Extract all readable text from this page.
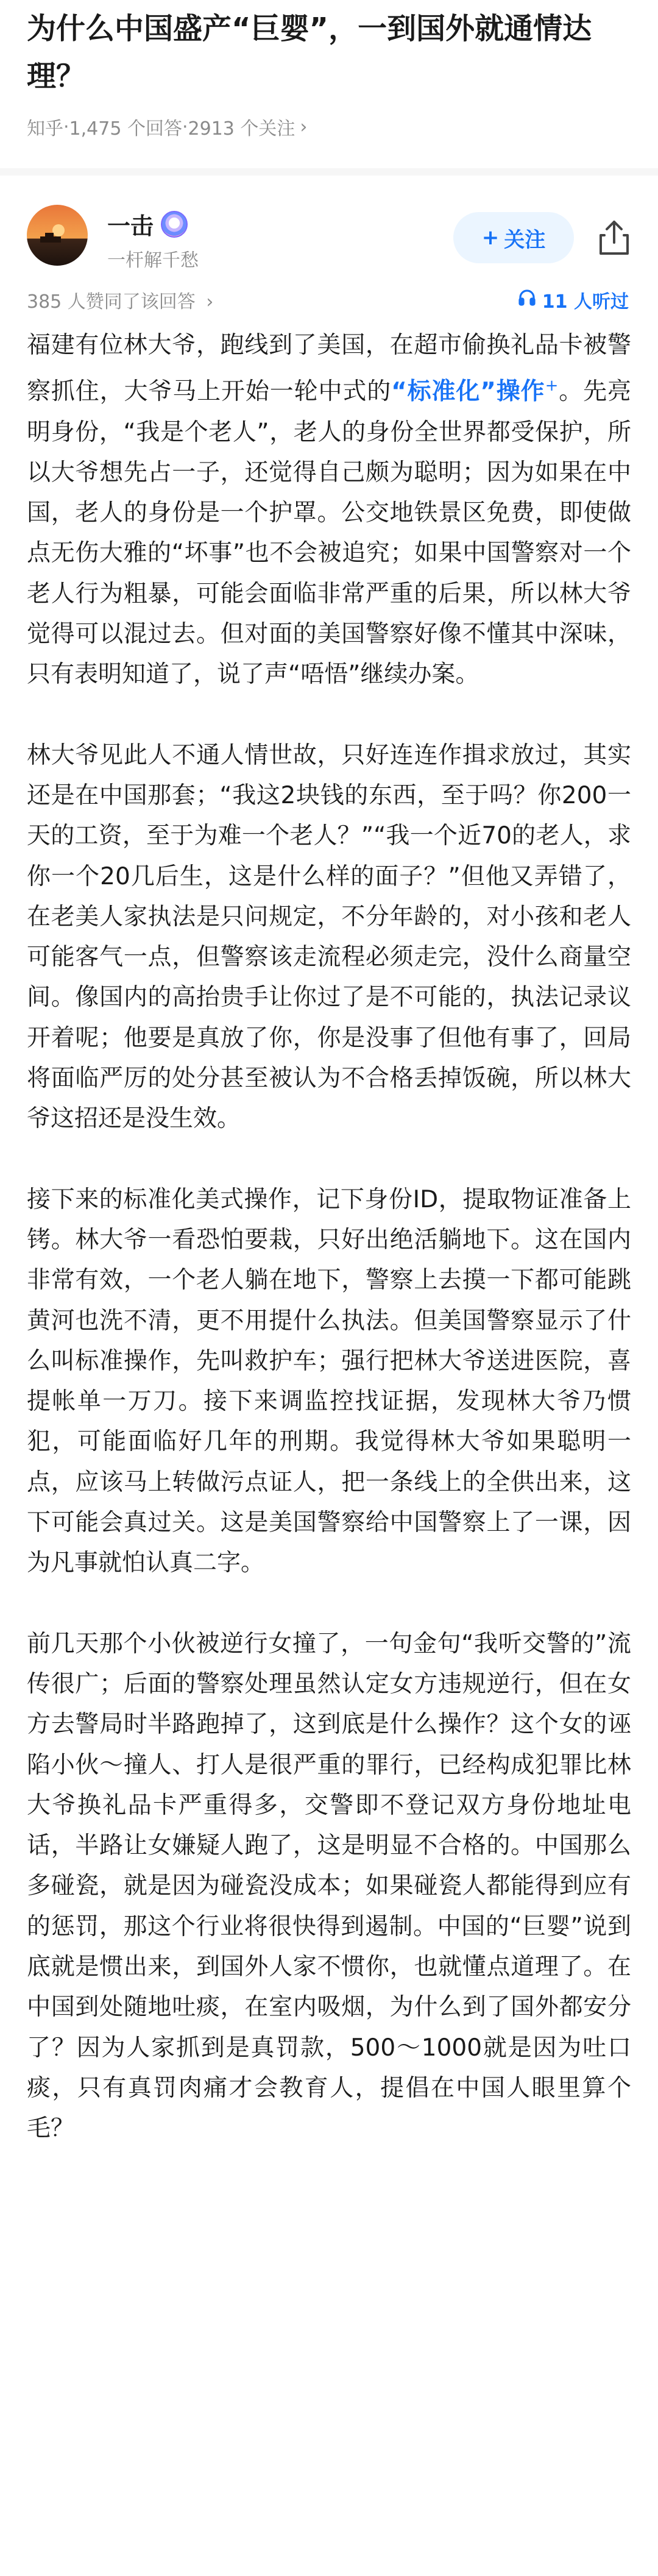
为什么中国盛产“巨婴”，一到国外就通情达理？
知乎 · 1,475 个回答 · 2913 个关注 ›
一击
一杆解千愁
+ 关注
385 人赞同了该回答 ›	11 人听过

福建有位林大爷，跑线到了美国，在超市偷换礼品卡被警察抓住，大爷马上开始一轮中式的“标准化”操作+。先亮明身份，“我是个老人”，老人的身份全世界都受保护，所以大爷想先占一子，还觉得自己颇为聪明；因为如果在中国，老人的身份是一个护罩。公交地铁景区免费，即使做点无伤大雅的“坏事”也不会被追究；如果中国警察对一个老人行为粗暴，可能会面临非常严重的后果，所以林大爷觉得可以混过去。但对面的美国警察好像不懂其中深味，只有表明知道了，说了声“唔悟”继续办案。

林大爷见此人不通人情世故，只好连连作揖求放过，其实还是在中国那套；“我这2块钱的东西，至于吗？你200一天的工资，至于为难一个老人？”“我一个近70的老人，求你一个20几后生，这是什么样的面子？”但他又弄错了，在老美人家执法是只问规定，不分年龄的，对小孩和老人可能客气一点，但警察该走流程必须走完，没什么商量空间。像国内的高抬贵手让你过了是不可能的，执法记录议开着呢；他要是真放了你，你是没事了但他有事了，回局将面临严厉的处分甚至被认为不合格丢掉饭碗，所以林大爷这招还是没生效。

接下来的标准化美式操作，记下身份ID，提取物证准备上铐。林大爷一看恐怕要栽，只好出绝活躺地下。这在国内非常有效，一个老人躺在地下，警察上去摸一下都可能跳黄河也洗不清，更不用提什么执法。但美国警察显示了什么叫标准操作，先叫救护车；强行把林大爷送进医院，喜提帐单一万刀。接下来调监控找证据，发现林大爷乃惯犯，可能面临好几年的刑期。我觉得林大爷如果聪明一点，应该马上转做污点证人，把一条线上的全供出来，这下可能会真过关。这是美国警察给中国警察上了一课，因为凡事就怕认真二字。

前几天那个小伙被逆行女撞了，一句金句“我听交警的”流传很广；后面的警察处理虽然认定女方违规逆行，但在女方去警局时半路跑掉了，这到底是什么操作？这个女的诬陷小伙～撞人、打人是很严重的罪行，已经构成犯罪比林大爷换礼品卡严重得多，交警即不登记双方身份地址电话，半路让女嫌疑人跑了，这是明显不合格的。中国那么多碰瓷，就是因为碰瓷没成本；如果碰瓷人都能得到应有的惩罚，那这个行业将很快得到遏制。中国的“巨婴”说到底就是惯出来，到国外人家不惯你，也就懂点道理了。在中国到处随地吐痰，在室内吸烟，为什么到了国外都安分了？因为人家抓到是真罚款，500～1000就是因为吐口痰，只有真罚肉痛才会教育人，提倡在中国人眼里算个毛？
